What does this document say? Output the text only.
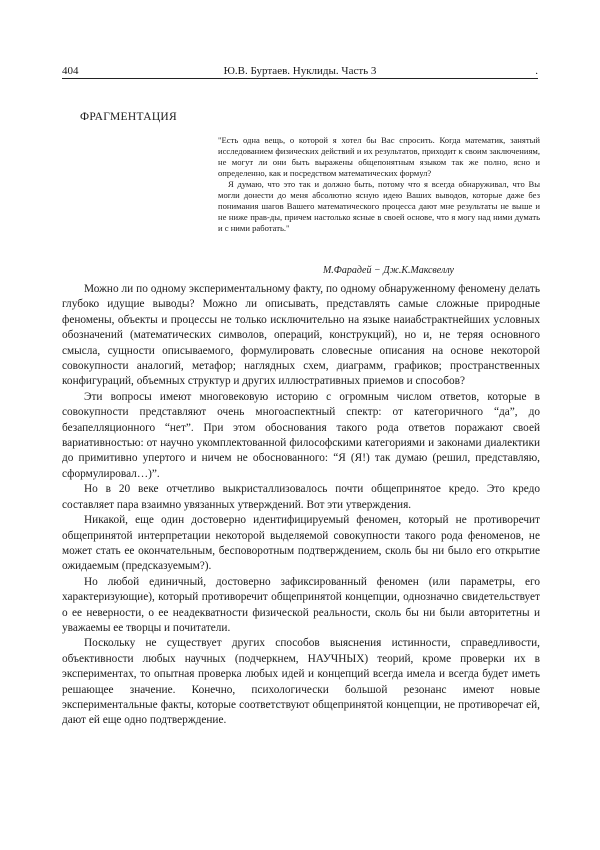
404	Ю.В. Буртаев. Нуклиды. Часть 3	.
ФРАГМЕНТАЦИЯ

"Есть одна вещь, о которой я хотел бы Вас спросить. Когда математик, занятый исследованием физических действий и их результатов, приходит к своим заключениям, не могут ли они быть выражены общепонятным языком так же полно, ясно и определенно, как и посредством математических формул?

Я думаю, что это так и должно быть, потому что я всегда обнаруживал, что Вы могли донести до меня абсолютно ясную идею Ваших выводов, которые даже без понимания шагов Вашего математического процесса дают мне результаты не выше и не ниже прав-ды, причем настолько ясные в своей основе, что я могу над ними думать и с ними работать."

М.Фарадей − Дж.К.Максвеллу

Можно ли по одному экспериментальному факту, по одному обнаруженному феномену делать глубоко идущие выводы? Можно ли описывать, представлять самые сложные природные феномены, объекты и процессы не только исключительно на языке наиабстрактнейших условных обозначений (математических символов, операций, конструкций), но и, не теряя основного смысла, сущности описываемого, формулировать словесные описания на основе некоторой совокупности аналогий, метафор; наглядных схем, диаграмм, графиков; пространственных конфигураций, объемных структур и других иллюстративных приемов и способов?

Эти вопросы имеют многовековую историю с огромным числом ответов, которые в совокупности представляют очень многоаспектный спектр: от категоричного “да”, до безапелляционного “нет”. При этом обоснования такого рода ответов поражают своей вариативностью: от научно укомплектованной философскими категориями и законами диалектики до примитивно упертого и ничем не обоснованного: “Я (Я!) так думаю (решил, представляю, сформулировал…)”.

Но в 20 веке отчетливо выкристаллизовалось почти общепринятое кредо. Это кредо составляет пара взаимно увязанных утверждений. Вот эти утверждения.

Никакой, еще один достоверно идентифицируемый феномен, который не противоречит общепринятой интерпретации некоторой выделяемой совокупности такого рода феноменов, не может стать ее окончательным, бесповоротным подтверждением, сколь бы ни было его открытие ожидаемым (предсказуемым?).

Но любой единичный, достоверно зафиксированный феномен (или параметры, его характеризующие), который противоречит общепринятой концепции, однозначно свидетельствует о ее неверности, о ее неадекватности физической реальности, сколь бы ни были авторитетны и уважаемы ее творцы и почитатели.

Поскольку не существует других способов выяснения истинности, справедливости, объективности любых научных (подчеркнем, НАУЧНЫХ) теорий, кроме проверки их в экспериментах, то опытная проверка любых идей и концепций всегда имела и всегда будет иметь решающее значение. Конечно, психологически большой резонанс имеют новые экспериментальные факты, которые соответствуют общепринятой концепции, не противоречат ей, дают ей еще одно подтверждение.
